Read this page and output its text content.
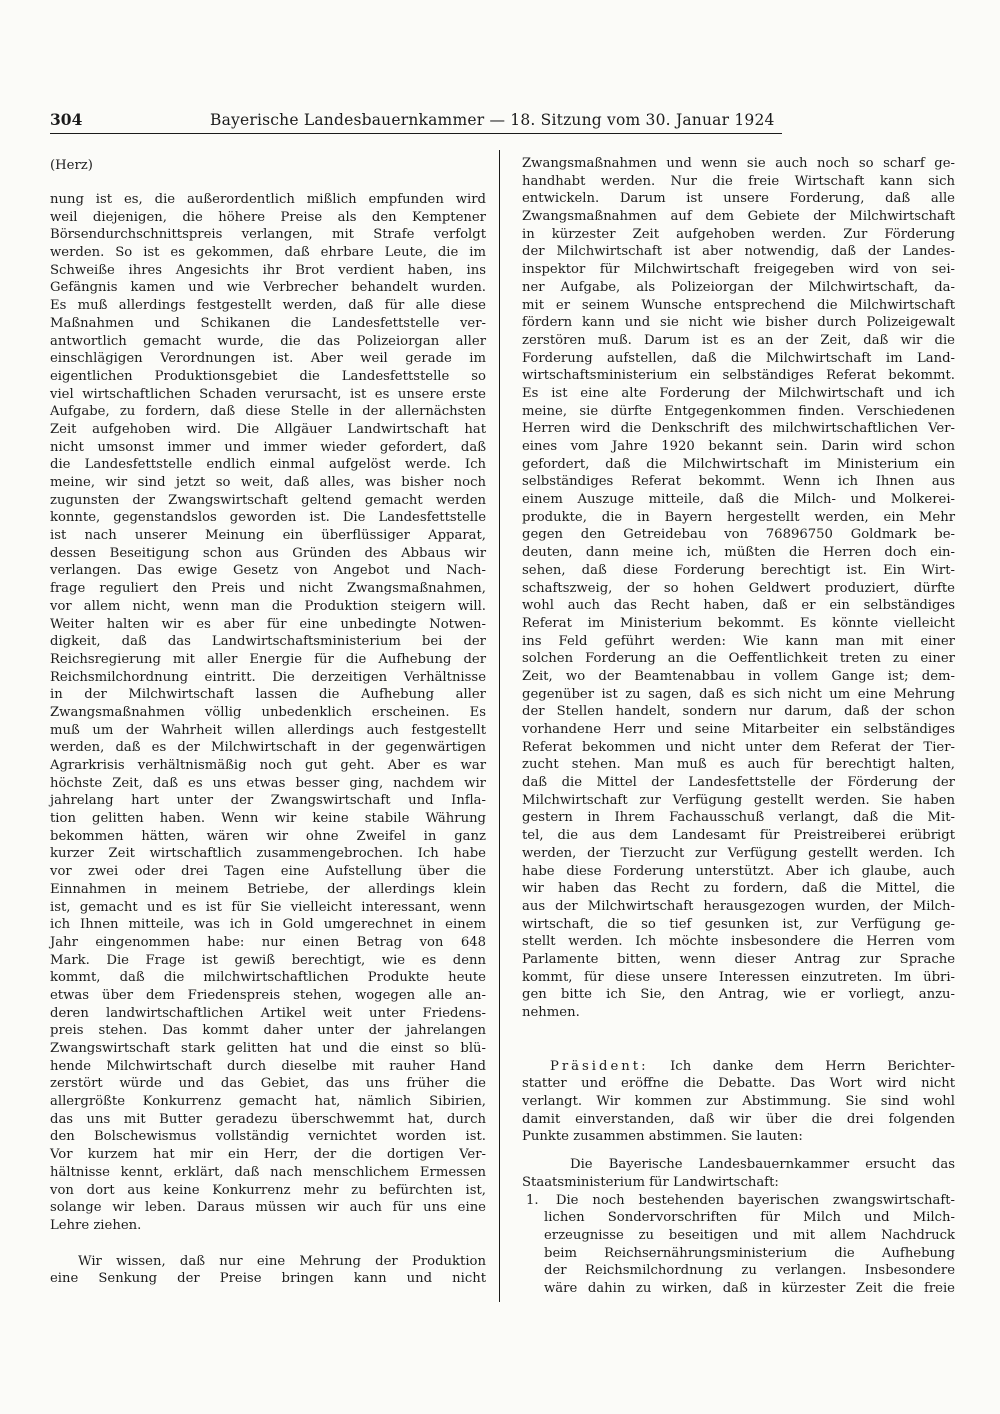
304	Bayerische Landesbauernkammer — 18. Sitzung vom 30. Januar 1924
(Herz)
nung ist es, die außerordentlich mißlich empfunden wird
weil diejenigen, die höhere Preise als den Kemptener
Börsendurchschnittspreis verlangen, mit Strafe verfolgt
werden. So ist es gekommen, daß ehrbare Leute, die im
Schweiße ihres Angesichts ihr Brot verdient haben, ins
Gefängnis kamen und wie Verbrecher behandelt wurden.
Es muß allerdings festgestellt werden, daß für alle diese
Maßnahmen und Schikanen die Landesfettstelle ver-
antwortlich gemacht wurde, die das Polizeiorgan aller
einschlägigen Verordnungen ist. Aber weil gerade im
eigentlichen Produktionsgebiet die Landesfettstelle so
viel wirtschaftlichen Schaden verursacht, ist es unsere erste
Aufgabe, zu fordern, daß diese Stelle in der allernächsten
Zeit aufgehoben wird. Die Allgäuer Landwirtschaft hat
nicht umsonst immer und immer wieder gefordert, daß
die Landesfettstelle endlich einmal aufgelöst werde. Ich
meine, wir sind jetzt so weit, daß alles, was bisher noch
zugunsten der Zwangswirtschaft geltend gemacht werden
konnte, gegenstandslos geworden ist. Die Landesfettstelle
ist nach unserer Meinung ein überflüssiger Apparat,
dessen Beseitigung schon aus Gründen des Abbaus wir
verlangen. Das ewige Gesetz von Angebot und Nach-
frage reguliert den Preis und nicht Zwangsmaßnahmen,
vor allem nicht, wenn man die Produktion steigern will.
Weiter halten wir es aber für eine unbedingte Notwen-
digkeit, daß das Landwirtschaftsministerium bei der
Reichsregierung mit aller Energie für die Aufhebung der
Reichsmilchordnung eintritt. Die derzeitigen Verhältnisse
in der Milchwirtschaft lassen die Aufhebung aller
Zwangsmaßnahmen völlig unbedenklich erscheinen. Es
muß um der Wahrheit willen allerdings auch festgestellt
werden, daß es der Milchwirtschaft in der gegenwärtigen
Agrarkrisis verhältnismäßig noch gut geht. Aber es war
höchste Zeit, daß es uns etwas besser ging, nachdem wir
jahrelang hart unter der Zwangswirtschaft und Infla-
tion gelitten haben. Wenn wir keine stabile Währung
bekommen hätten, wären wir ohne Zweifel in ganz
kurzer Zeit wirtschaftlich zusammengebrochen. Ich habe
vor zwei oder drei Tagen eine Aufstellung über die
Einnahmen in meinem Betriebe, der allerdings klein
ist, gemacht und es ist für Sie vielleicht interessant, wenn
ich Ihnen mitteile, was ich in Gold umgerechnet in einem
Jahr eingenommen habe: nur einen Betrag von 648
Mark. Die Frage ist gewiß berechtigt, wie es denn
kommt, daß die milchwirtschaftlichen Produkte heute
etwas über dem Friedenspreis stehen, wogegen alle an-
deren landwirtschaftlichen Artikel weit unter Friedens-
preis stehen. Das kommt daher unter der jahrelangen
Zwangswirtschaft stark gelitten hat und die einst so blü-
hende Milchwirtschaft durch dieselbe mit rauher Hand
zerstört würde und das Gebiet, das uns früher die
allergrößte Konkurrenz gemacht hat, nämlich Sibirien,
das uns mit Butter geradezu überschwemmt hat, durch
den Bolschewismus vollständig vernichtet worden ist.
Vor kurzem hat mir ein Herr, der die dortigen Ver-
hältnisse kennt, erklärt, daß nach menschlichem Ermessen
von dort aus keine Konkurrenz mehr zu befürchten ist,
solange wir leben. Daraus müssen wir auch für uns eine
Lehre ziehen.
Wir wissen, daß nur eine Mehrung der Produktion
eine Senkung der Preise bringen kann und nicht
Zwangsmaßnahmen und wenn sie auch noch so scharf ge-
handhabt werden. Nur die freie Wirtschaft kann sich
entwickeln. Darum ist unsere Forderung, daß alle
Zwangsmaßnahmen auf dem Gebiete der Milchwirtschaft
in kürzester Zeit aufgehoben werden. Zur Förderung
der Milchwirtschaft ist aber notwendig, daß der Landes-
inspektor für Milchwirtschaft freigegeben wird von sei-
ner Aufgabe, als Polizeiorgan der Milchwirtschaft, da-
mit er seinem Wunsche entsprechend die Milchwirtschaft
fördern kann und sie nicht wie bisher durch Polizeigewalt
zerstören muß. Darum ist es an der Zeit, daß wir die
Forderung aufstellen, daß die Milchwirtschaft im Land-
wirtschaftsministerium ein selbständiges Referat bekommt.
Es ist eine alte Forderung der Milchwirtschaft und ich
meine, sie dürfte Entgegenkommen finden. Verschiedenen
Herren wird die Denkschrift des milchwirtschaftlichen Ver-
eines vom Jahre 1920 bekannt sein. Darin wird schon
gefordert, daß die Milchwirtschaft im Ministerium ein
selbständiges Referat bekommt. Wenn ich Ihnen aus
einem Auszuge mitteile, daß die Milch- und Molkerei-
produkte, die in Bayern hergestellt werden, ein Mehr
gegen den Getreidebau von 76896750 Goldmark be-
deuten, dann meine ich, müßten die Herren doch ein-
sehen, daß diese Forderung berechtigt ist. Ein Wirt-
schaftszweig, der so hohen Geldwert produziert, dürfte
wohl auch das Recht haben, daß er ein selbständiges
Referat im Ministerium bekommt. Es könnte vielleicht
ins Feld geführt werden: Wie kann man mit einer
solchen Forderung an die Oeffentlichkeit treten zu einer
Zeit, wo der Beamtenabbau in vollem Gange ist; dem-
gegenüber ist zu sagen, daß es sich nicht um eine Mehrung
der Stellen handelt, sondern nur darum, daß der schon
vorhandene Herr und seine Mitarbeiter ein selbständiges
Referat bekommen und nicht unter dem Referat der Tier-
zucht stehen. Man muß es auch für berechtigt halten,
daß die Mittel der Landesfettstelle der Förderung der
Milchwirtschaft zur Verfügung gestellt werden. Sie haben
gestern in Ihrem Fachausschuß verlangt, daß die Mit-
tel, die aus dem Landesamt für Preistreiberei erübrigt
werden, der Tierzucht zur Verfügung gestellt werden. Ich
habe diese Forderung unterstützt. Aber ich glaube, auch
wir haben das Recht zu fordern, daß die Mittel, die
aus der Milchwirtschaft herausgezogen wurden, der Milch-
wirtschaft, die so tief gesunken ist, zur Verfügung ge-
stellt werden. Ich möchte insbesondere die Herren vom
Parlamente bitten, wenn dieser Antrag zur Sprache
kommt, für diese unsere Interessen einzutreten. Im übri-
gen bitte ich Sie, den Antrag, wie er vorliegt, anzu-
nehmen.
Präsident: Ich danke dem Herrn Berichter-
statter und eröffne die Debatte. Das Wort wird nicht
verlangt. Wir kommen zur Abstimmung. Sie sind wohl
damit einverstanden, daß wir über die drei folgenden
Punkte zusammen abstimmen. Sie lauten:
Die Bayerische Landesbauernkammer ersucht das
Staatsministerium für Landwirtschaft:
1. Die noch bestehenden bayerischen zwangswirtschaft-
lichen Sondervorschriften für Milch und Milch-
erzeugnisse zu beseitigen und mit allem Nachdruck
beim Reichsernährungsministerium die Aufhebung
der Reichsmilchordnung zu verlangen. Insbesondere
wäre dahin zu wirken, daß in kürzester Zeit die freie
